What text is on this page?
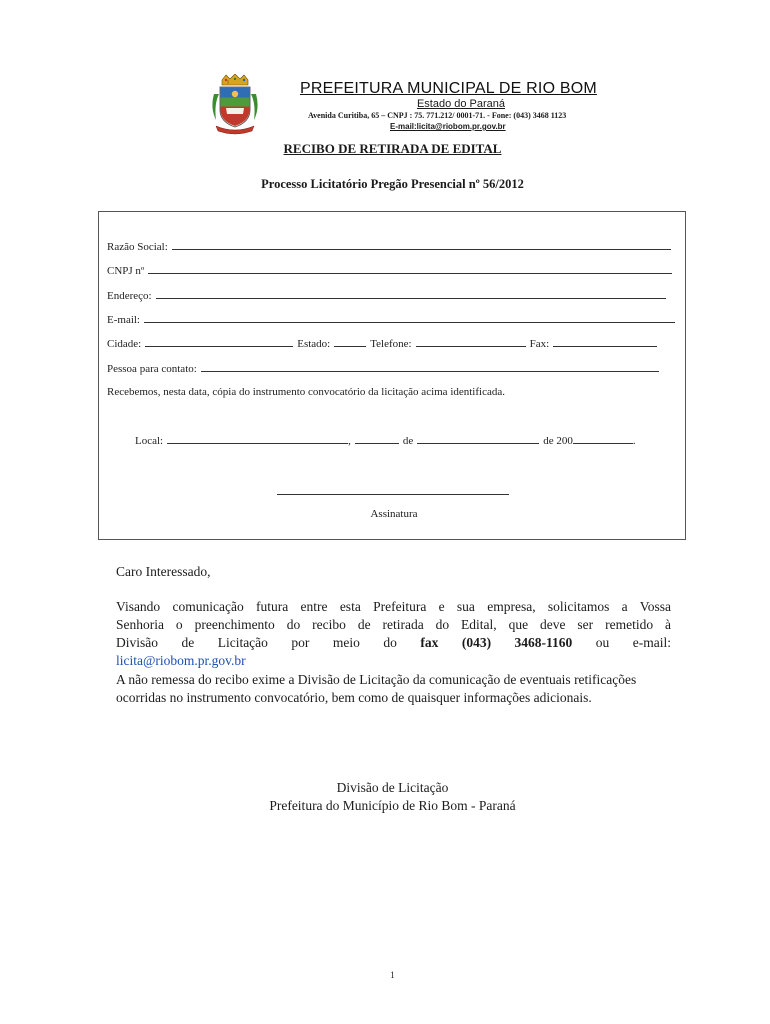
PREFEITURA MUNICIPAL DE RIO BOM
Estado do Paraná
Avenida Curitiba, 65 – CNPJ : 75. 771.212/ 0001-71. - Fone: (043) 3468 1123
E-mail:licita@riobom.pr.gov.br
RECIBO DE RETIRADA DE EDITAL
Processo Licitatório Pregão Presencial nº 56/2012
Razão Social:
CNPJ nº
Endereço:
E-mail:
Cidade:	Estado:	Telefone:	Fax:
Pessoa para contato:
Recebemos, nesta data, cópia do instrumento convocatório da licitação acima identificada.
Local:	,	de	de 200	.
Assinatura
Caro Interessado,
Visando comunicação futura entre esta Prefeitura e sua empresa, solicitamos a Vossa
Senhoria o preenchimento do recibo de retirada do Edital, que deve ser remetido à
Divisão de Licitação por meio do fax (043) 3468-1160 ou e-mail:
licita@riobom.pr.gov.br
A não remessa do recibo exime a Divisão de Licitação da comunicação de eventuais retificações ocorridas no instrumento convocatório, bem como de quaisquer informações adicionais.
Divisão de Licitação
Prefeitura do Município de Rio Bom - Paraná
1
